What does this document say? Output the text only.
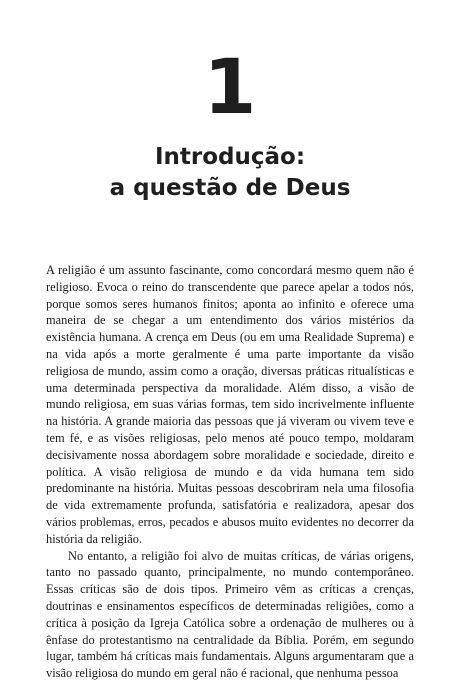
1
Introdução:
a questão de Deus

A religião é um assunto fascinante, como concordará mesmo quem não é religioso. Evoca o reino do transcendente que parece apelar a todos nós, porque somos seres humanos finitos; aponta ao infinito e oferece uma maneira de se chegar a um entendimento dos vários mistérios da existência humana. A crença em Deus (ou em uma Realidade Suprema) e na vida após a morte geralmente é uma parte importante da visão religiosa de mundo, assim como a oração, diversas práticas ritualísticas e uma determinada perspectiva da moralidade. Além disso, a visão de mundo religiosa, em suas várias formas, tem sido incrivelmente influente na história. A grande maioria das pessoas que já viveram ou vivem teve e tem fé, e as visões religiosas, pelo menos até pouco tempo, moldaram decisivamente nossa abordagem sobre moralidade e sociedade, direito e política. A visão religiosa de mundo e da vida humana tem sido predominante na história. Muitas pessoas descobriram nela uma filosofia de vida extremamente profunda, satisfatória e realizadora, apesar dos vários problemas, erros, pecados e abusos muito evidentes no decorrer da história da religião.

No entanto, a religião foi alvo de muitas críticas, de várias origens, tanto no passado quanto, principalmente, no mundo contemporâneo. Essas críticas são de dois tipos. Primeiro vêm as críticas a crenças, doutrinas e ensinamentos específicos de determinadas religiões, como a crítica à posição da Igreja Católica sobre a ordenação de mulheres ou à ênfase do protestantismo na centralidade da Bíblia. Porém, em segundo lugar, também há críticas mais fundamentais. Alguns argumentaram que a visão religiosa do mundo em geral não é racional, que nenhuma pessoa
